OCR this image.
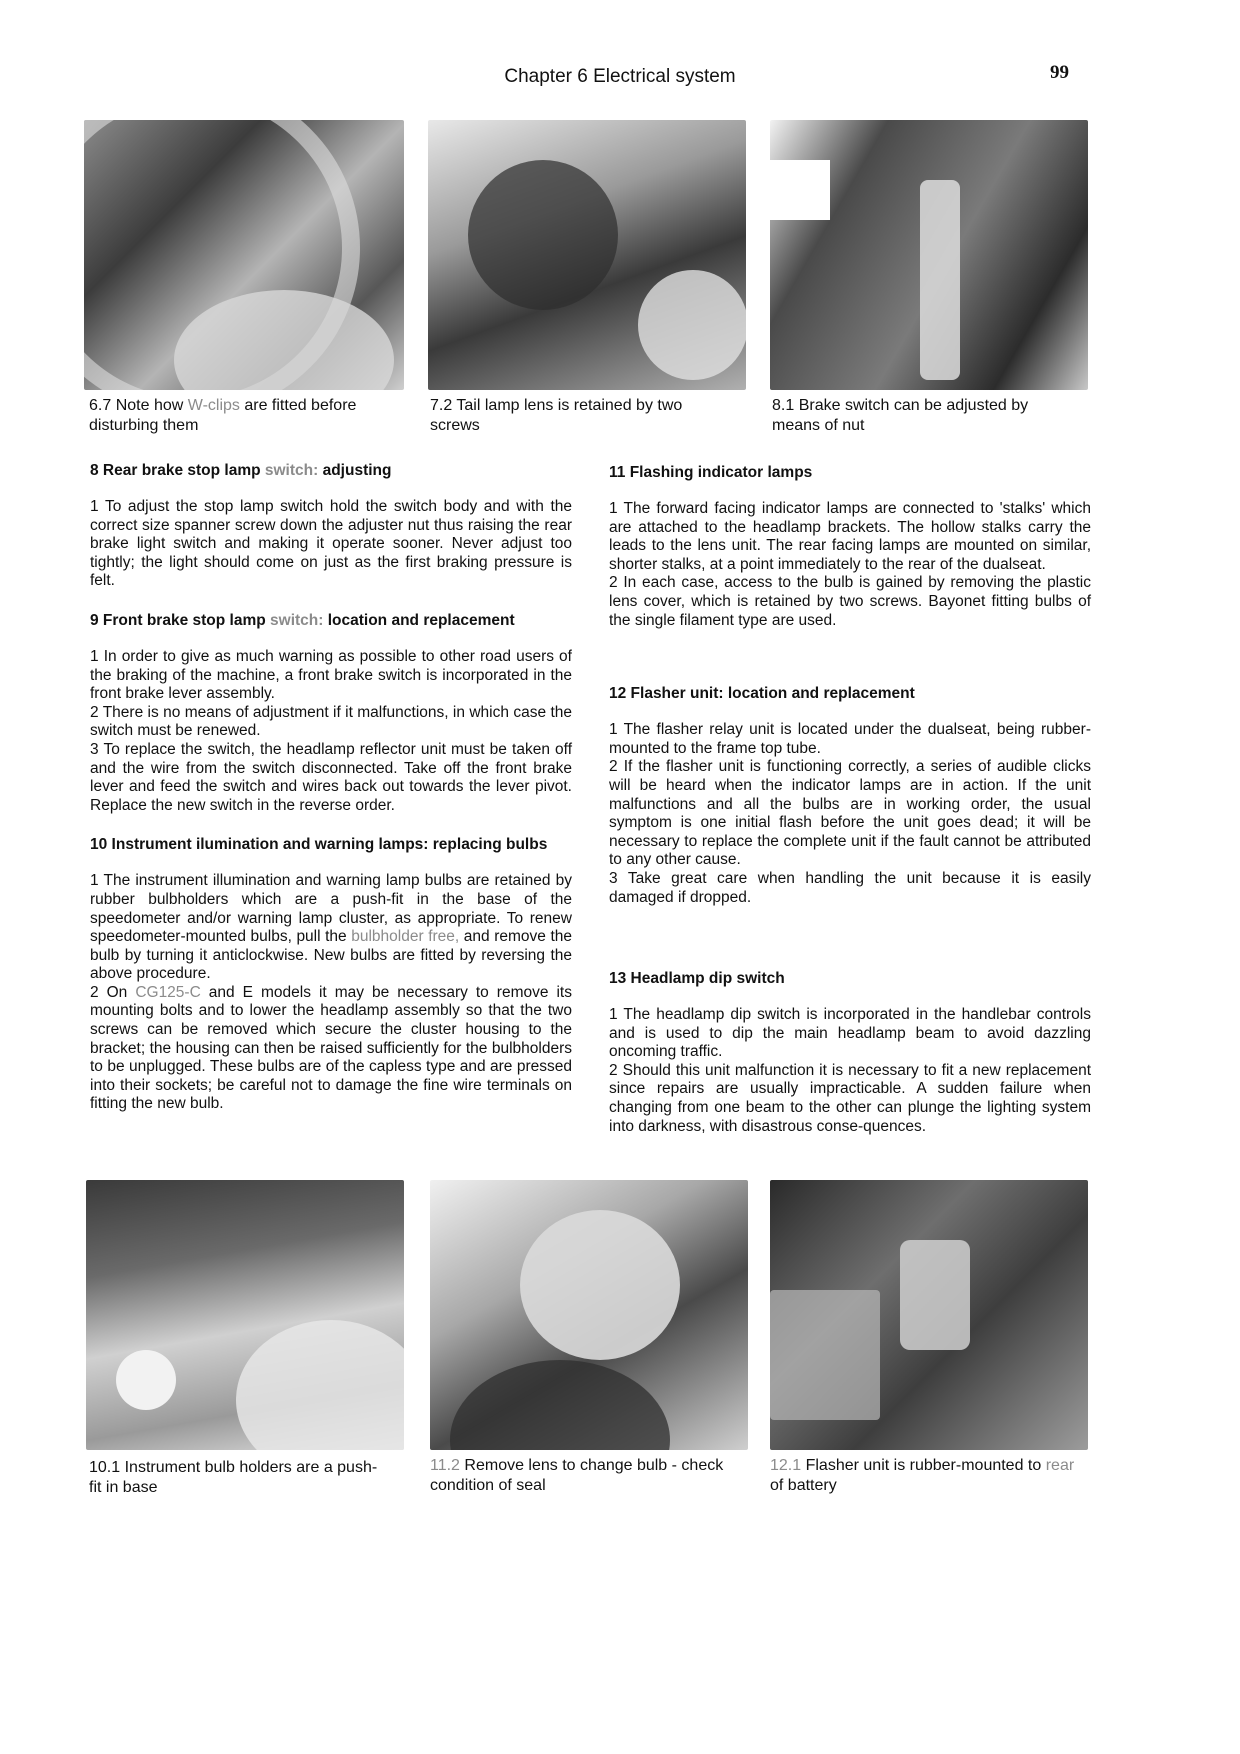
Chapter 6 Electrical system	99
6.7 Note how W-clips are fitted before disturbing them
7.2 Tail lamp lens is retained by two screws
8.1 Brake switch can be adjusted by means of nut
8 Rear brake stop lamp switch: adjusting

1 To adjust the stop lamp switch hold the switch body and with the correct size spanner screw down the adjuster nut thus raising the rear brake light switch and making it operate sooner. Never adjust too tightly; the light should come on just as the first braking pressure is felt.

9 Front brake stop lamp switch: location and replacement

1 In order to give as much warning as possible to other road users of the braking of the machine, a front brake switch is incorporated in the front brake lever assembly.

2 There is no means of adjustment if it malfunctions, in which case the switch must be renewed.

3 To replace the switch, the headlamp reflector unit must be taken off and the wire from the switch disconnected. Take off the front brake lever and feed the switch and wires back out towards the lever pivot. Replace the new switch in the reverse order.

10 Instrument ilumination and warning lamps: replacing bulbs

1 The instrument illumination and warning lamp bulbs are retained by rubber bulbholders which are a push-fit in the base of the speedometer and/or warning lamp cluster, as appropriate. To renew speedometer-mounted bulbs, pull the bulbholder free, and remove the bulb by turning it anticlockwise. New bulbs are fitted by reversing the above procedure.

2 On CG125-C and E models it may be necessary to remove its mounting bolts and to lower the headlamp assembly so that the two screws can be removed which secure the cluster housing to the bracket; the housing can then be raised sufficiently for the bulbholders to be unplugged. These bulbs are of the capless type and are pressed into their sockets; be careful not to damage the fine wire terminals on fitting the new bulb.

11 Flashing indicator lamps

1 The forward facing indicator lamps are connected to 'stalks' which are attached to the headlamp brackets. The hollow stalks carry the leads to the lens unit. The rear facing lamps are mounted on similar, shorter stalks, at a point immediately to the rear of the dualseat.

2 In each case, access to the bulb is gained by removing the plastic lens cover, which is retained by two screws. Bayonet fitting bulbs of the single filament type are used.

12 Flasher unit: location and replacement

1 The flasher relay unit is located under the dualseat, being rubber-mounted to the frame top tube.

2 If the flasher unit is functioning correctly, a series of audible clicks will be heard when the indicator lamps are in action. If the unit malfunctions and all the bulbs are in working order, the usual symptom is one initial flash before the unit goes dead; it will be necessary to replace the complete unit if the fault cannot be attributed to any other cause.

3 Take great care when handling the unit because it is easily damaged if dropped.

13 Headlamp dip switch

1 The headlamp dip switch is incorporated in the handlebar controls and is used to dip the main headlamp beam to avoid dazzling oncoming traffic.

2 Should this unit malfunction it is necessary to fit a new replacement since repairs are usually impracticable. A sudden failure when changing from one beam to the other can plunge the lighting system into darkness, with disastrous conse-quences.

10.1 Instrument bulb holders are a push-fit in base
11.2 Remove lens to change bulb - check condition of seal
12.1 Flasher unit is rubber-mounted to rear of battery
